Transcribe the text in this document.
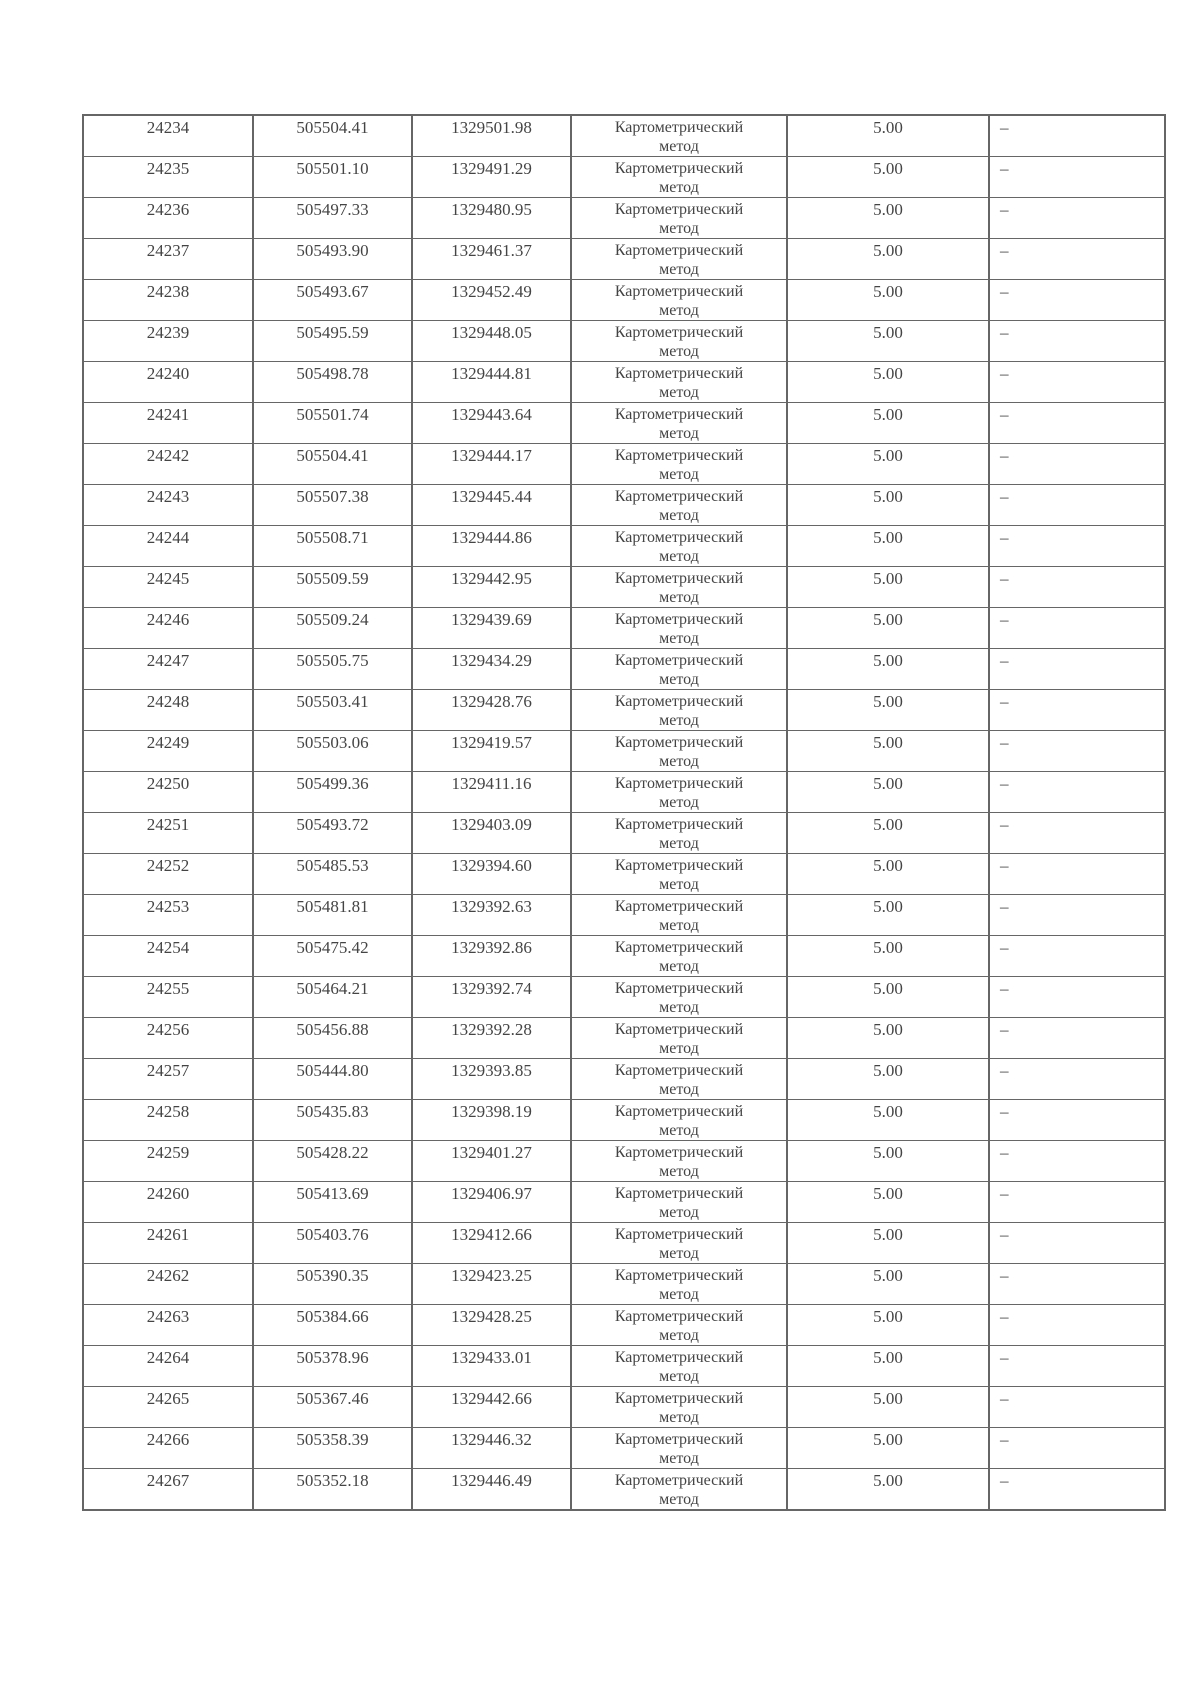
24234	505504.41	1329501.98	Картометрический
метод	5.00	–

24235	505501.10	1329491.29	Картометрический
метод	5.00	–

24236	505497.33	1329480.95	Картометрический
метод	5.00	–

24237	505493.90	1329461.37	Картометрический
метод	5.00	–

24238	505493.67	1329452.49	Картометрический
метод	5.00	–

24239	505495.59	1329448.05	Картометрический
метод	5.00	–

24240	505498.78	1329444.81	Картометрический
метод	5.00	–

24241	505501.74	1329443.64	Картометрический
метод	5.00	–

24242	505504.41	1329444.17	Картометрический
метод	5.00	–

24243	505507.38	1329445.44	Картометрический
метод	5.00	–

24244	505508.71	1329444.86	Картометрический
метод	5.00	–

24245	505509.59	1329442.95	Картометрический
метод	5.00	–

24246	505509.24	1329439.69	Картометрический
метод	5.00	–

24247	505505.75	1329434.29	Картометрический
метод	5.00	–

24248	505503.41	1329428.76	Картометрический
метод	5.00	–

24249	505503.06	1329419.57	Картометрический
метод	5.00	–

24250	505499.36	1329411.16	Картометрический
метод	5.00	–

24251	505493.72	1329403.09	Картометрический
метод	5.00	–

24252	505485.53	1329394.60	Картометрический
метод	5.00	–

24253	505481.81	1329392.63	Картометрический
метод	5.00	–

24254	505475.42	1329392.86	Картометрический
метод	5.00	–

24255	505464.21	1329392.74	Картометрический
метод	5.00	–

24256	505456.88	1329392.28	Картометрический
метод	5.00	–

24257	505444.80	1329393.85	Картометрический
метод	5.00	–

24258	505435.83	1329398.19	Картометрический
метод	5.00	–

24259	505428.22	1329401.27	Картометрический
метод	5.00	–

24260	505413.69	1329406.97	Картометрический
метод	5.00	–

24261	505403.76	1329412.66	Картометрический
метод	5.00	–

24262	505390.35	1329423.25	Картометрический
метод	5.00	–

24263	505384.66	1329428.25	Картометрический
метод	5.00	–

24264	505378.96	1329433.01	Картометрический
метод	5.00	–

24265	505367.46	1329442.66	Картометрический
метод	5.00	–

24266	505358.39	1329446.32	Картометрический
метод	5.00	–

24267	505352.18	1329446.49	Картометрический
метод	5.00	–
